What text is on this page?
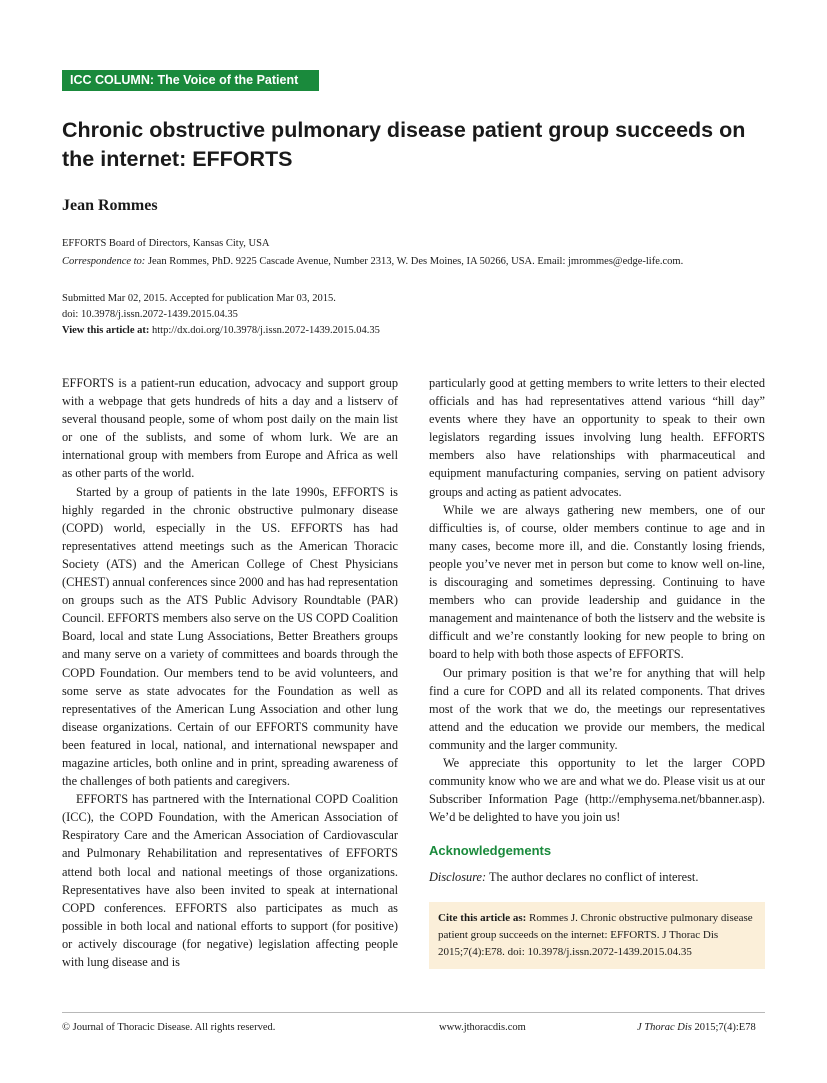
ICC COLUMN: The Voice of the Patient
Chronic obstructive pulmonary disease patient group succeeds on the internet: EFFORTS
Jean Rommes
EFFORTS Board of Directors, Kansas City, USA
Correspondence to: Jean Rommes, PhD. 9225 Cascade Avenue, Number 2313, W. Des Moines, IA 50266, USA. Email: jmrommes@edge-life.com.
Submitted Mar 02, 2015. Accepted for publication Mar 03, 2015.
doi: 10.3978/j.issn.2072-1439.2015.04.35
View this article at: http://dx.doi.org/10.3978/j.issn.2072-1439.2015.04.35

EFFORTS is a patient-run education, advocacy and support group with a webpage that gets hundreds of hits a day and a listserv of several thousand people, some of whom post daily on the main list or one of the sublists, and some of whom lurk. We are an international group with members from Europe and Africa as well as other parts of the world.

Started by a group of patients in the late 1990s, EFFORTS is highly regarded in the chronic obstructive pulmonary disease (COPD) world, especially in the US. EFFORTS has had representatives attend meetings such as the American Thoracic Society (ATS) and the American College of Chest Physicians (CHEST) annual conferences since 2000 and has had representation on groups such as the ATS Public Advisory Roundtable (PAR) Council. EFFORTS members also serve on the US COPD Coalition Board, local and state Lung Associations, Better Breathers groups and many serve on a variety of committees and boards through the COPD Foundation. Our members tend to be avid volunteers, and some serve as state advocates for the Foundation as well as representatives of the American Lung Association and other lung disease organizations. Certain of our EFFORTS community have been featured in local, national, and international newspaper and magazine articles, both online and in print, spreading awareness of the challenges of both patients and caregivers.

EFFORTS has partnered with the International COPD Coalition (ICC), the COPD Foundation, with the American Association of Respiratory Care and the American Association of Cardiovascular and Pulmonary Rehabilitation and representatives of EFFORTS attend both local and national meetings of those organizations. Representatives have also been invited to speak at international COPD conferences. EFFORTS also participates as much as possible in both local and national efforts to support (for positive) or actively discourage (for negative) legislation affecting people with lung disease and is

particularly good at getting members to write letters to their elected officials and has had representatives attend various “hill day” events where they have an opportunity to speak to their own legislators regarding issues involving lung health. EFFORTS members also have relationships with pharmaceutical and equipment manufacturing companies, serving on patient advisory groups and acting as patient advocates.

While we are always gathering new members, one of our difficulties is, of course, older members continue to age and in many cases, become more ill, and die. Constantly losing friends, people you’ve never met in person but come to know well on-line, is discouraging and sometimes depressing. Continuing to have members who can provide leadership and guidance in the management and maintenance of both the listserv and the website is difficult and we’re constantly looking for new people to bring on board to help with both those aspects of EFFORTS.

Our primary position is that we’re for anything that will help find a cure for COPD and all its related components. That drives most of the work that we do, the meetings our representatives attend and the education we provide our members, the medical community and the larger community.

We appreciate this opportunity to let the larger COPD community know who we are and what we do. Please visit us at our Subscriber Information Page (http://emphysema.net/bbanner.asp). We’d be delighted to have you join us!

Acknowledgements
Disclosure: The author declares no conflict of interest.
Cite this article as: Rommes J. Chronic obstructive pulmonary disease patient group succeeds on the internet: EFFORTS. J Thorac Dis 2015;7(4):E78. doi: 10.3978/j.issn.2072-1439.2015.04.35
© Journal of Thoracic Disease. All rights reserved.	www.jthoracdis.com	J Thorac Dis 2015;7(4):E78
